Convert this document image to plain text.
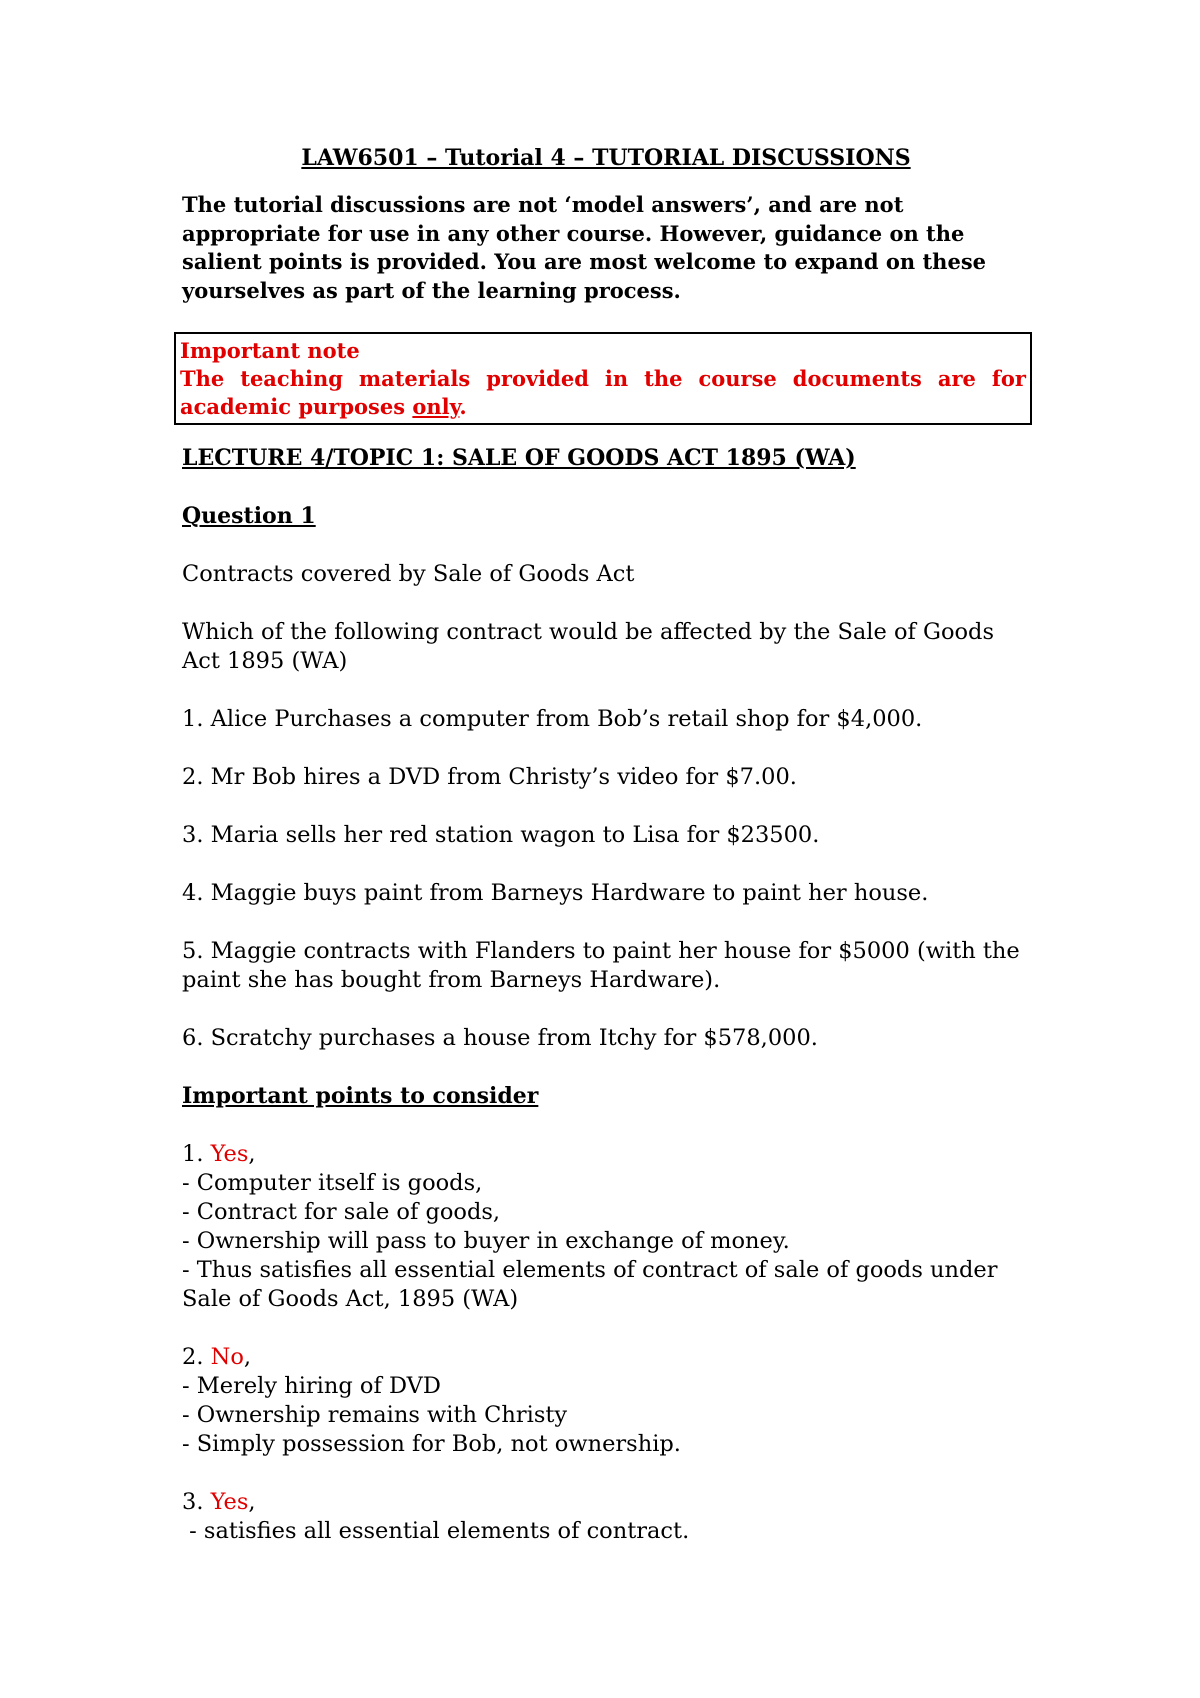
LAW6501 – Tutorial 4 – TUTORIAL DISCUSSIONS
The tutorial discussions are not ‘model answers’, and are not appropriate for use in any other course. However, guidance on the salient points is provided. You are most welcome to expand on these yourselves as part of the learning process.
Important note
The teaching materials provided in the course documents are for academic purposes only.
LECTURE 4/TOPIC 1: SALE OF GOODS ACT 1895 (WA)
Question 1

Contracts covered by Sale of Goods Act

Which of the following contract would be affected by the Sale of Goods Act 1895 (WA)

1. Alice Purchases a computer from Bob’s retail shop for $4,000.

2. Mr Bob hires a DVD from Christy’s video for $7.00.

3. Maria sells her red station wagon to Lisa for $23500.

4. Maggie buys paint from Barneys Hardware to paint her house.

5. Maggie contracts with Flanders to paint her house for $5000 (with the paint she has bought from Barneys Hardware).

6. Scratchy purchases a house from Itchy for $578,000.

Important points to consider
1. Yes,
- Computer itself is goods,
- Contract for sale of goods,
- Ownership will pass to buyer in exchange of money.
- Thus satisfies all essential elements of contract of sale of goods under Sale of Goods Act, 1895 (WA)
2. No,
- Merely hiring of DVD
- Ownership remains with Christy
- Simply possession for Bob, not ownership.
3. Yes,
- satisfies all essential elements of contract.
